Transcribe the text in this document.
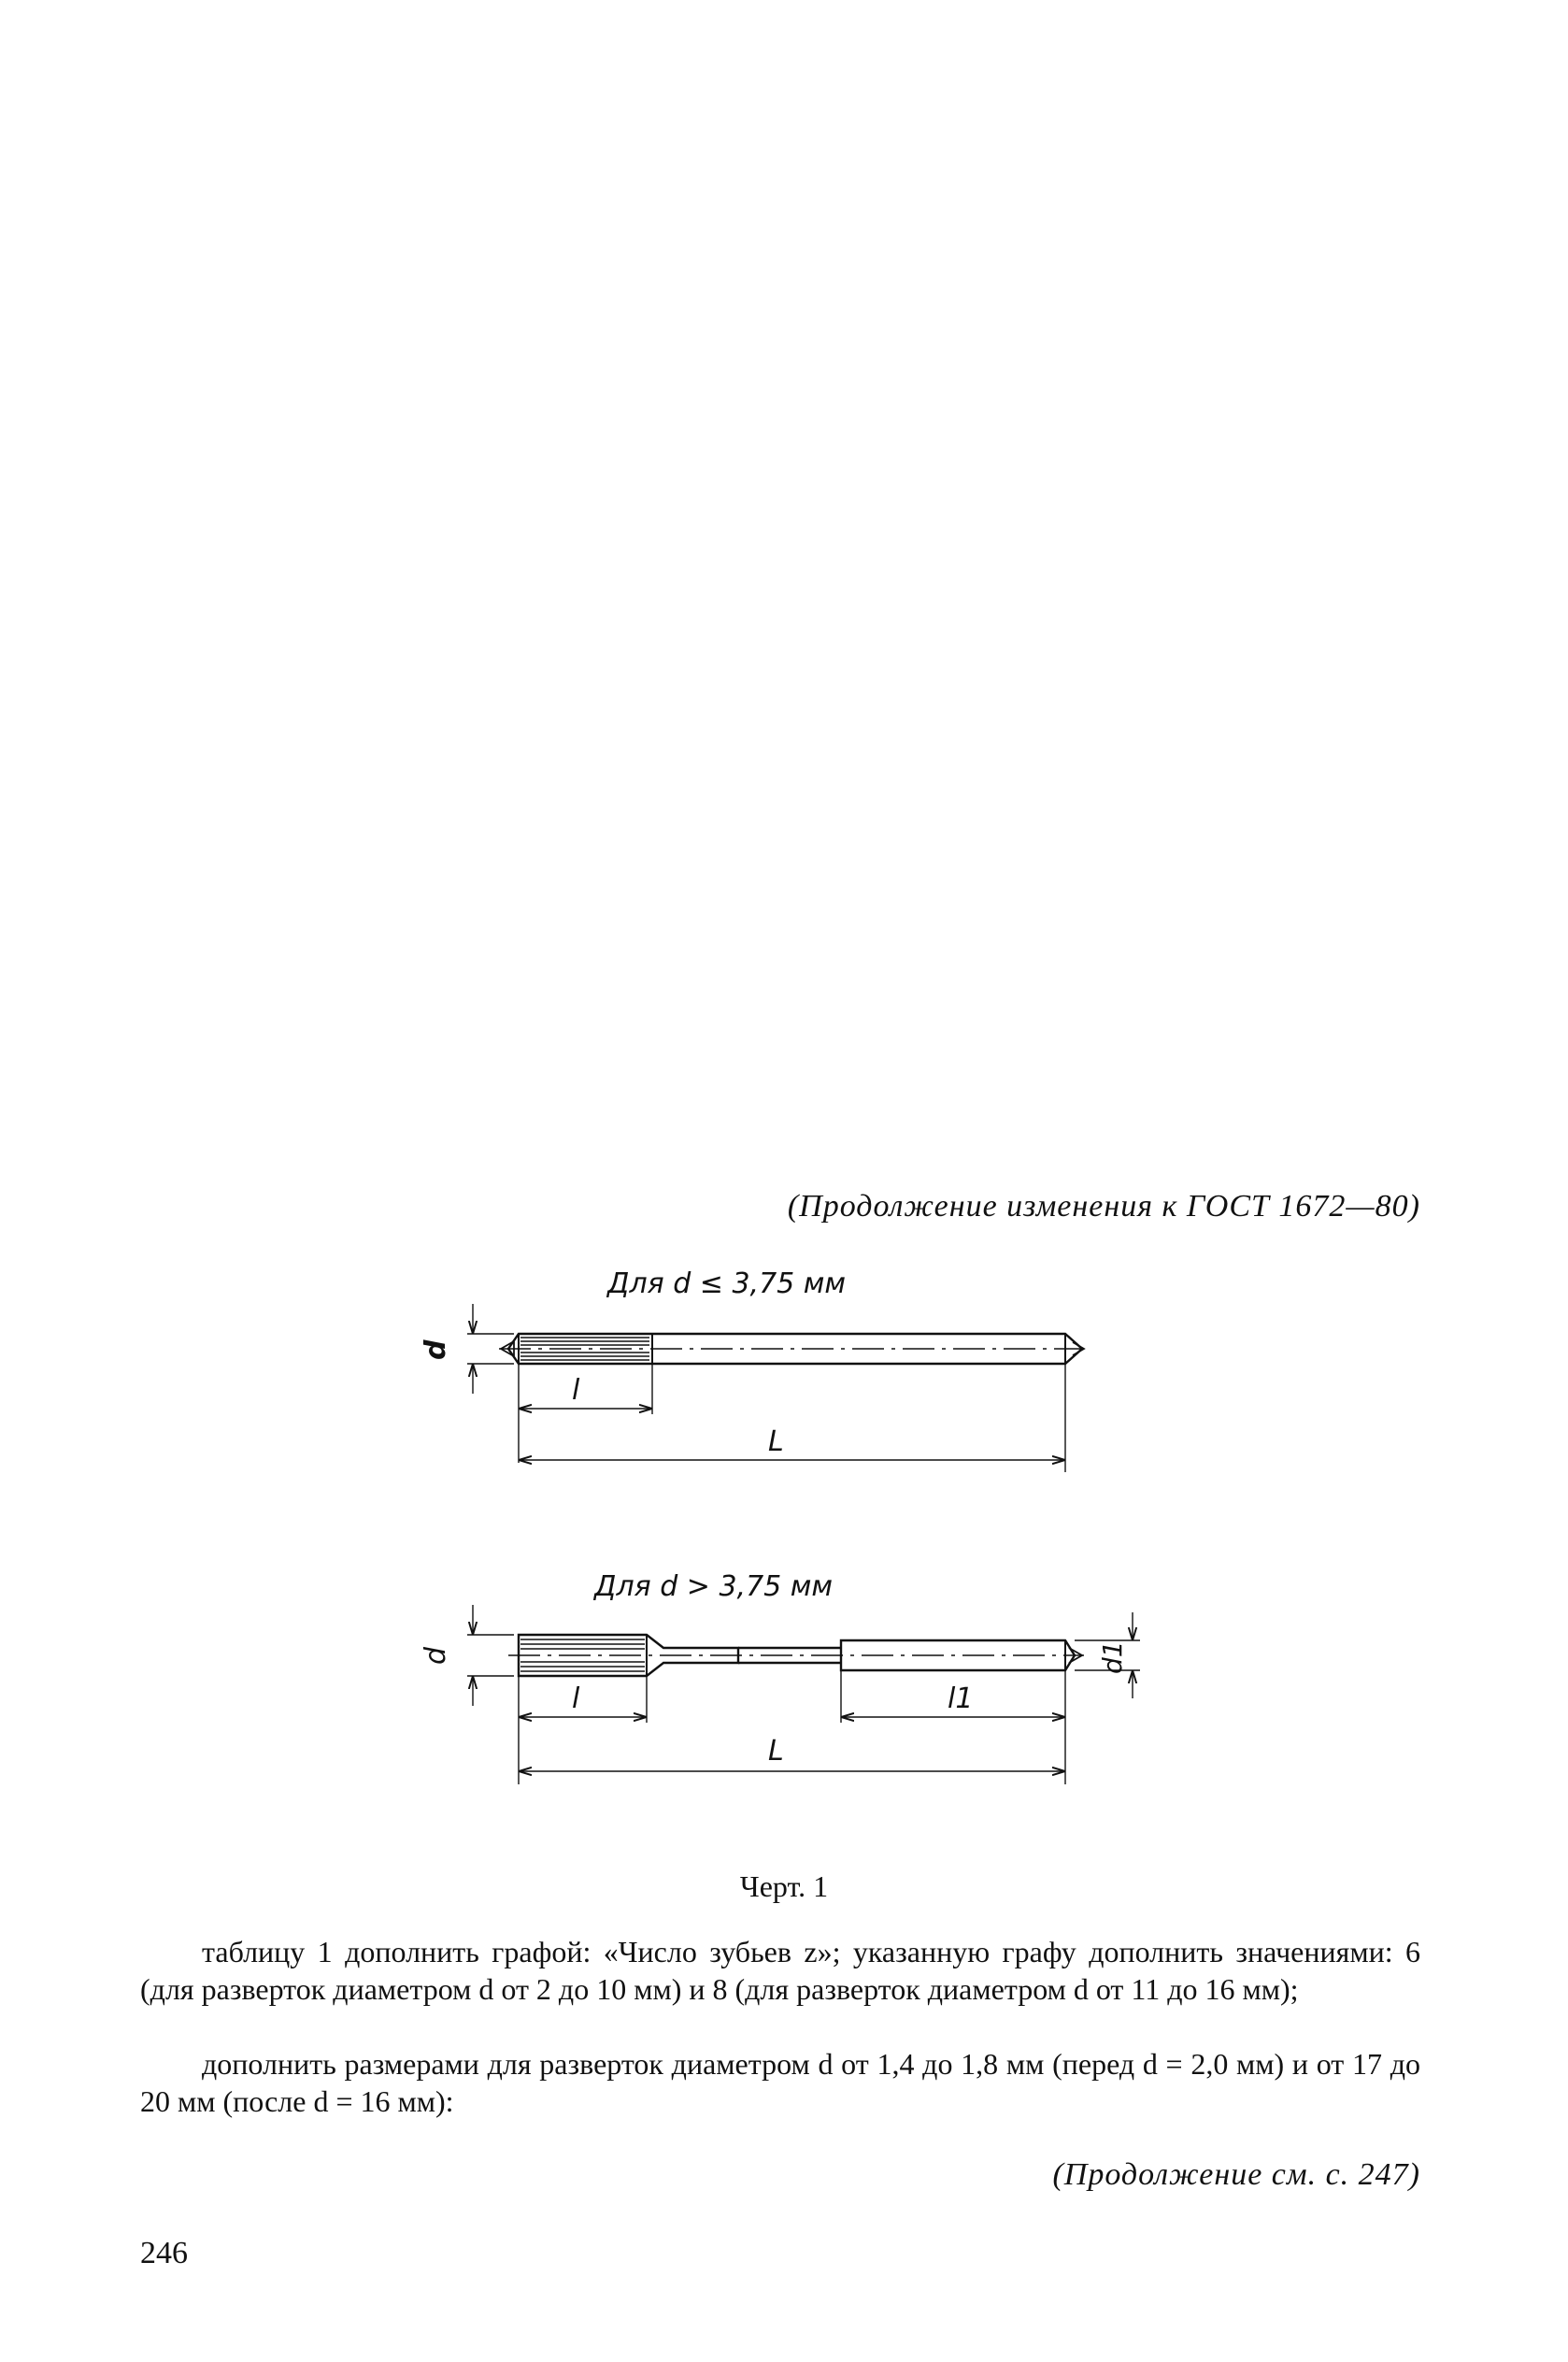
(Продолжение изменения к ГОСТ 1672—80)
Для d ≤ 3,75 мм
d
l
L
Для d > 3,75 мм
d	d1
l	l1
L
Черт. 1
таблицу 1 дополнить графой: «Число зубьев z»; указанную графу дополнить значениями: 6 (для разверток диаметром d от 2 до 10 мм) и 8 (для разверток диаметром d от 11 до 16 мм);
дополнить размерами для разверток диаметром d от 1,4 до 1,8 мм (перед d = 2,0 мм) и от 17 до 20 мм (после d = 16 мм):
(Продолжение см. с. 247)
246
